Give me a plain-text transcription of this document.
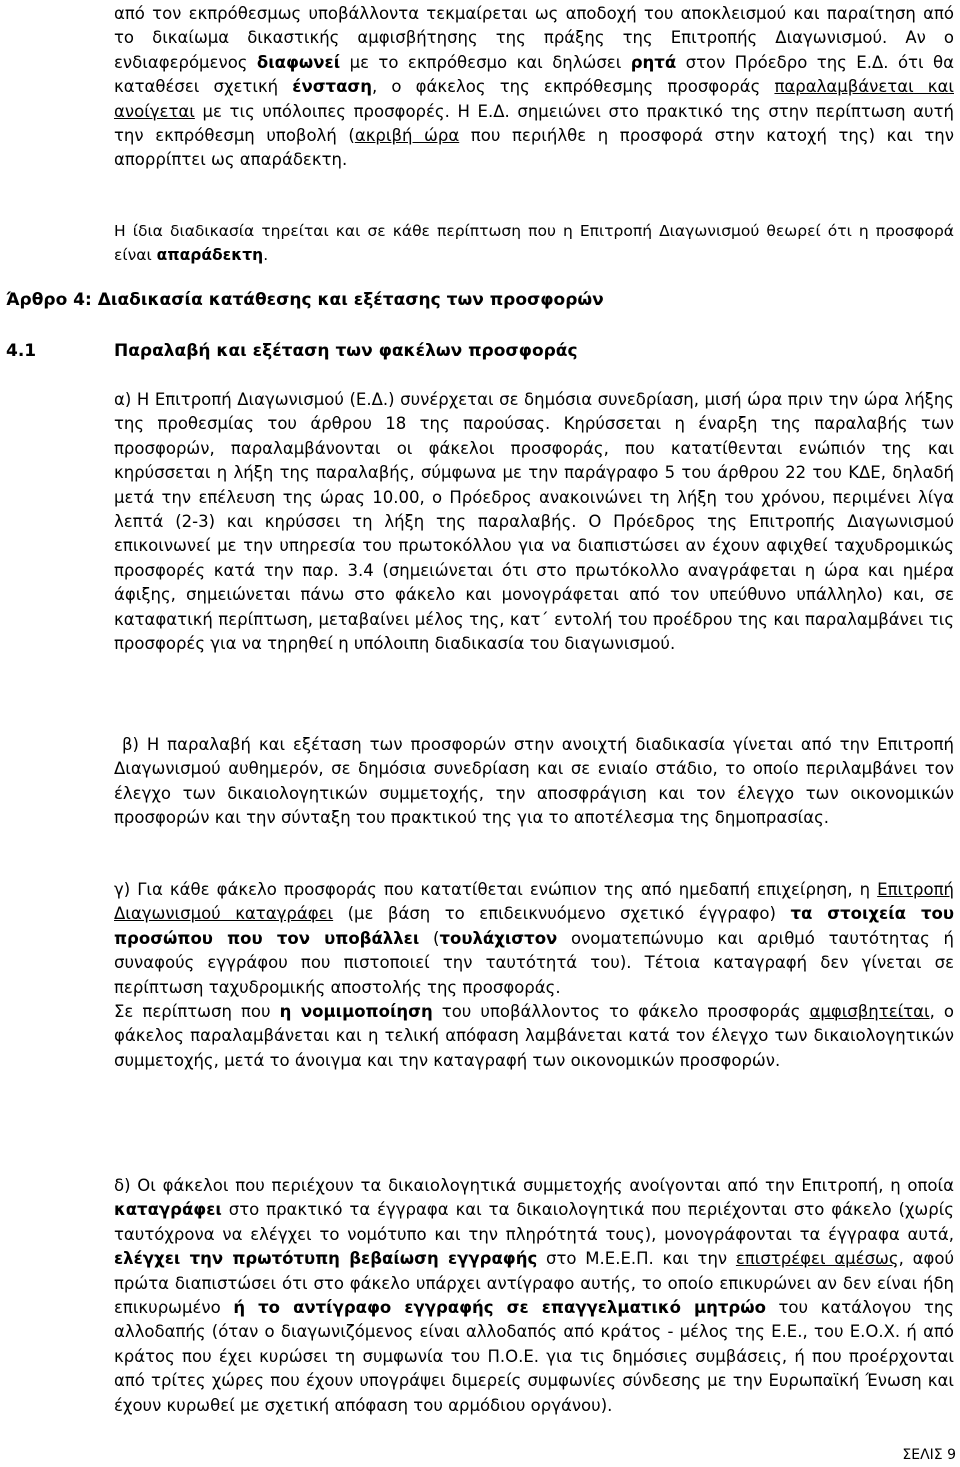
από τον εκπρόθεσμως υποβάλλοντα τεκμαίρεται ως αποδοχή του αποκλεισμού και παραίτηση από το δικαίωμα δικαστικής αμφισβήτησης της πράξης της Επιτροπής Διαγωνισμού. Αν ο ενδιαφερόμενος διαφωνεί με το εκπρόθεσμο και δηλώσει ρητά στον Πρόεδρο της Ε.Δ. ότι θα καταθέσει σχετική ένσταση, ο φάκελος της εκπρόθεσμης προσφοράς παραλαμβάνεται και ανοίγεται με τις υπόλοιπες προσφορές. Η Ε.Δ. σημειώνει στο πρακτικό της στην περίπτωση αυτή την εκπρόθεσμη υποβολή (ακριβή ώρα που περιήλθε η προσφορά στην κατοχή της) και την απορρίπτει ως απαράδεκτη.
Η ίδια διαδικασία τηρείται και σε κάθε περίπτωση που η Επιτροπή Διαγωνισμού θεωρεί ότι η προσφορά είναι απαράδεκτη.
Άρθρο 4: Διαδικασία κατάθεσης και εξέτασης των προσφορών
4.1	Παραλαβή και εξέταση των φακέλων προσφοράς
α) Η Επιτροπή Διαγωνισμού (Ε.Δ.) συνέρχεται σε δημόσια συνεδρίαση, μισή ώρα πριν την ώρα λήξης της προθεσμίας του άρθρου 18 της παρούσας. Κηρύσσεται η έναρξη της παραλαβής των προσφορών, παραλαμβάνονται οι φάκελοι προσφοράς, που κατατίθενται ενώπιόν της και κηρύσσεται η λήξη της παραλαβής, σύμφωνα με την παράγραφο 5 του άρθρου 22 του ΚΔΕ, δηλαδή μετά την επέλευση της ώρας 10.00, ο Πρόεδρος ανακοινώνει τη λήξη του χρόνου, περιμένει λίγα λεπτά (2-3) και κηρύσσει τη λήξη της παραλαβής. Ο Πρόεδρος της Επιτροπής Διαγωνισμού επικοινωνεί με την υπηρεσία του πρωτοκόλλου για να διαπιστώσει αν έχουν αφιχθεί ταχυδρομικώς προσφορές κατά την παρ. 3.4 (σημειώνεται ότι στο πρωτόκολλο αναγράφεται η ώρα και ημέρα άφιξης, σημειώνεται πάνω στο φάκελο και μονογράφεται από τον υπεύθυνο υπάλληλο) και, σε καταφατική περίπτωση, μεταβαίνει μέλος της, κατ΄ εντολή του προέδρου της και παραλαμβάνει τις προσφορές για να τηρηθεί η υπόλοιπη διαδικασία του διαγωνισμού.
β) Η παραλαβή και εξέταση των προσφορών στην ανοιχτή διαδικασία γίνεται από την Επιτροπή Διαγωνισμού αυθημερόν, σε δημόσια συνεδρίαση και σε ενιαίο στάδιο, το οποίο περιλαμβάνει τον έλεγχο των δικαιολογητικών συμμετοχής, την αποσφράγιση και τον έλεγχο των οικονομικών προσφορών και την σύνταξη του πρακτικού της για το αποτέλεσμα της δημοπρασίας.
γ) Για κάθε φάκελο προσφοράς που κατατίθεται ενώπιον της από ημεδαπή επιχείρηση, η Επιτροπή Διαγωνισμού καταγράφει (με βάση το επιδεικνυόμενο σχετικό έγγραφο) τα στοιχεία του προσώπου που τον υποβάλλει (τουλάχιστον ονοματεπώνυμο και αριθμό ταυτότητας ή συναφούς εγγράφου που πιστοποιεί την ταυτότητά του). Τέτοια καταγραφή δεν γίνεται σε περίπτωση ταχυδρομικής αποστολής της προσφοράς.
Σε περίπτωση που η νομιμοποίηση του υποβάλλοντος το φάκελο προσφοράς αμφισβητείται, ο φάκελος παραλαμβάνεται και η τελική απόφαση λαμβάνεται κατά τον έλεγχο των δικαιολογητικών συμμετοχής, μετά το άνοιγμα και την καταγραφή των οικονομικών προσφορών.
δ) Οι φάκελοι που περιέχουν τα δικαιολογητικά συμμετοχής ανοίγονται από την Επιτροπή, η οποία καταγράφει στο πρακτικό τα έγγραφα και τα δικαιολογητικά που περιέχονται στο φάκελο (χωρίς ταυτόχρονα να ελέγχει το νομότυπο και την πληρότητά τους), μονογράφονται τα έγγραφα αυτά, ελέγχει την πρωτότυπη βεβαίωση εγγραφής στο Μ.Ε.Ε.Π. και την επιστρέφει αμέσως, αφού πρώτα διαπιστώσει ότι στο φάκελο υπάρχει αντίγραφο αυτής, το οποίο επικυρώνει αν δεν είναι ήδη επικυρωμένο ή το αντίγραφο εγγραφής σε επαγγελματικό μητρώο του κατάλογου της αλλοδαπής (όταν ο διαγωνιζόμενος είναι αλλοδαπός από κράτος - μέλος της Ε.Ε., του Ε.Ο.Χ. ή από κράτος που έχει κυρώσει τη συμφωνία του Π.Ο.Ε. για τις δημόσιες συμβάσεις, ή που προέρχονται από τρίτες χώρες που έχουν υπογράψει διμερείς συμφωνίες σύνδεσης με την Ευρωπαϊκή Ένωση και έχουν κυρωθεί με σχετική απόφαση του αρμόδιου οργάνου).
ΣΕΛΙΣ 9
